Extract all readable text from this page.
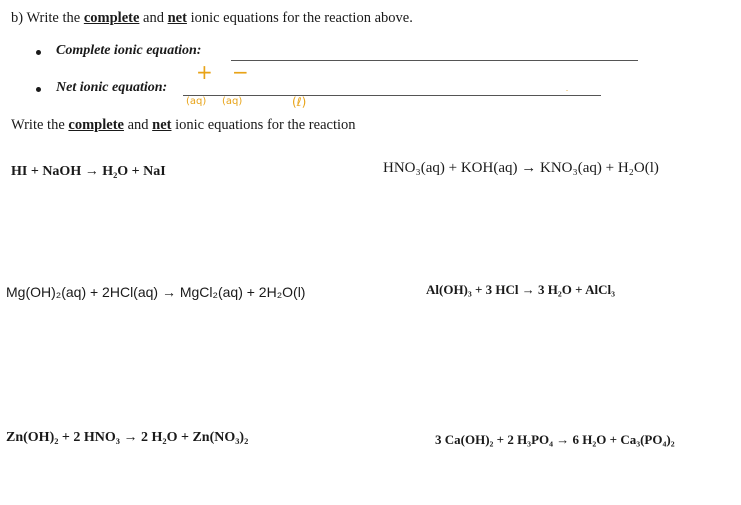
b) Write the complete and net ionic equations for the reaction above.
Complete ionic equation:
Net ionic equation:	.
+ −
(aq) (aq)	(ℓ)
Write the complete and net ionic equations for the reaction
HI + NaOH → H₂O + NaI	HNO₃(aq) + KOH(aq) → KNO₃(aq) + H₂O(l)
Mg(OH)₂(aq) + 2HCl(aq) → MgCl₂(aq) + 2H₂O(l)	Al(OH)₃ + 3 HCl → 3 H₂O + AlCl₃
Zn(OH)₂ + 2 HNO₃ → 2 H₂O + Zn(NO₃)₂	3 Ca(OH)₂ + 2 H₃PO₄ → 6 H₂O + Ca₃(PO₄)₂
